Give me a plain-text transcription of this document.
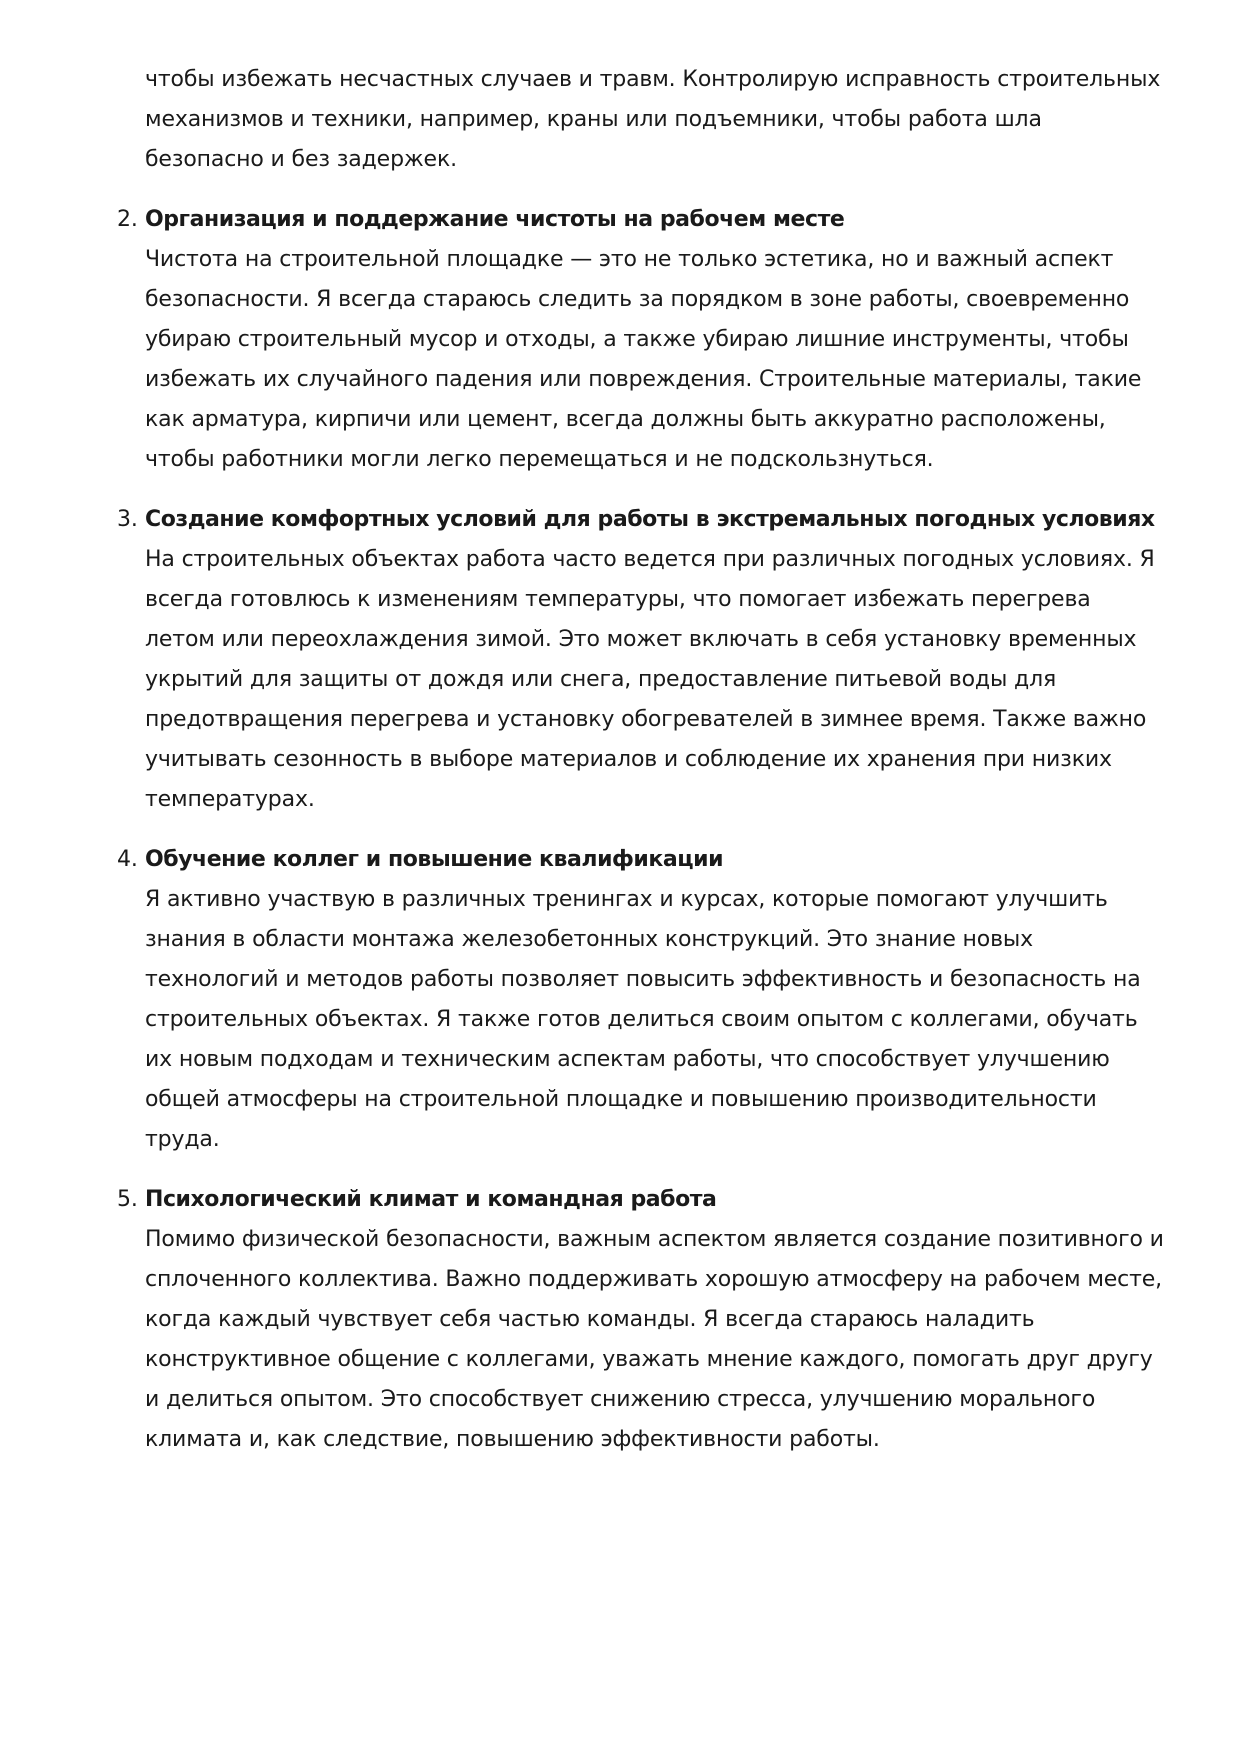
чтобы избежать несчастных случаев и травм. Контролирую исправность строительных механизмов и техники, например, краны или подъемники, чтобы работа шла безопасно и без задержек.

2. Организация и поддержание чистоты на рабочем месте
Чистота на строительной площадке — это не только эстетика, но и важный аспект безопасности. Я всегда стараюсь следить за порядком в зоне работы, своевременно убираю строительный мусор и отходы, а также убираю лишние инструменты, чтобы избежать их случайного падения или повреждения. Строительные материалы, такие как арматура, кирпичи или цемент, всегда должны быть аккуратно расположены, чтобы работники могли легко перемещаться и не подскользнуться.
3. Создание комфортных условий для работы в экстремальных погодных условиях
На строительных объектах работа часто ведется при различных погодных условиях. Я всегда готовлюсь к изменениям температуры, что помогает избежать перегрева летом или переохлаждения зимой. Это может включать в себя установку временных укрытий для защиты от дождя или снега, предоставление питьевой воды для предотвращения перегрева и установку обогревателей в зимнее время. Также важно учитывать сезонность в выборе материалов и соблюдение их хранения при низких температурах.
4. Обучение коллег и повышение квалификации
Я активно участвую в различных тренингах и курсах, которые помогают улучшить знания в области монтажа железобетонных конструкций. Это знание новых технологий и методов работы позволяет повысить эффективность и безопасность на строительных объектах. Я также готов делиться своим опытом с коллегами, обучать их новым подходам и техническим аспектам работы, что способствует улучшению общей атмосферы на строительной площадке и повышению производительности труда.
5. Психологический климат и командная работа
Помимо физической безопасности, важным аспектом является создание позитивного и сплоченного коллектива. Важно поддерживать хорошую атмосферу на рабочем месте, когда каждый чувствует себя частью команды. Я всегда стараюсь наладить конструктивное общение с коллегами, уважать мнение каждого, помогать друг другу и делиться опытом. Это способствует снижению стресса, улучшению морального климата и, как следствие, повышению эффективности работы.
